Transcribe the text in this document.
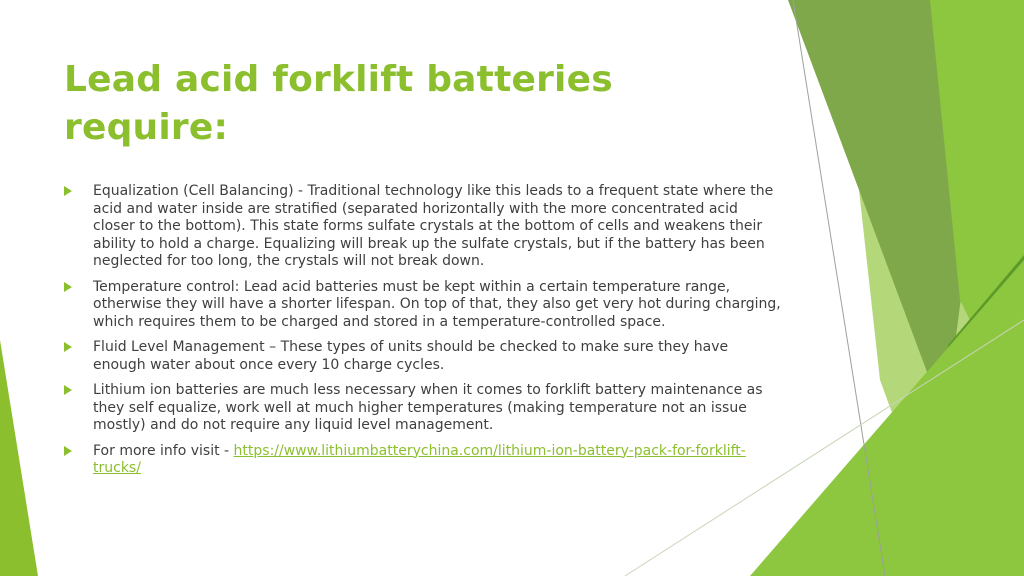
Lead acid forklift batteries require:
Equalization (Cell Balancing) - Traditional technology like this leads to a frequent state where the acid and water inside are stratified (separated horizontally with the more concentrated acid closer to the bottom). This state forms sulfate crystals at the bottom of cells and weakens their ability to hold a charge. Equalizing will break up the sulfate crystals, but if the battery has been neglected for too long, the crystals will not break down.
Temperature control: Lead acid batteries must be kept within a certain temperature range, otherwise they will have a shorter lifespan. On top of that, they also get very hot during charging, which requires them to be charged and stored in a temperature-controlled space.
Fluid Level Management – These types of units should be checked to make sure they have enough water about once every 10 charge cycles.
Lithium ion batteries are much less necessary when it comes to forklift battery maintenance as they self equalize, work well at much higher temperatures (making temperature not an issue mostly) and do not require any liquid level management.
For more info visit - https://www.lithiumbatterychina.com/lithium-ion-battery-pack-for-forklift-trucks/
